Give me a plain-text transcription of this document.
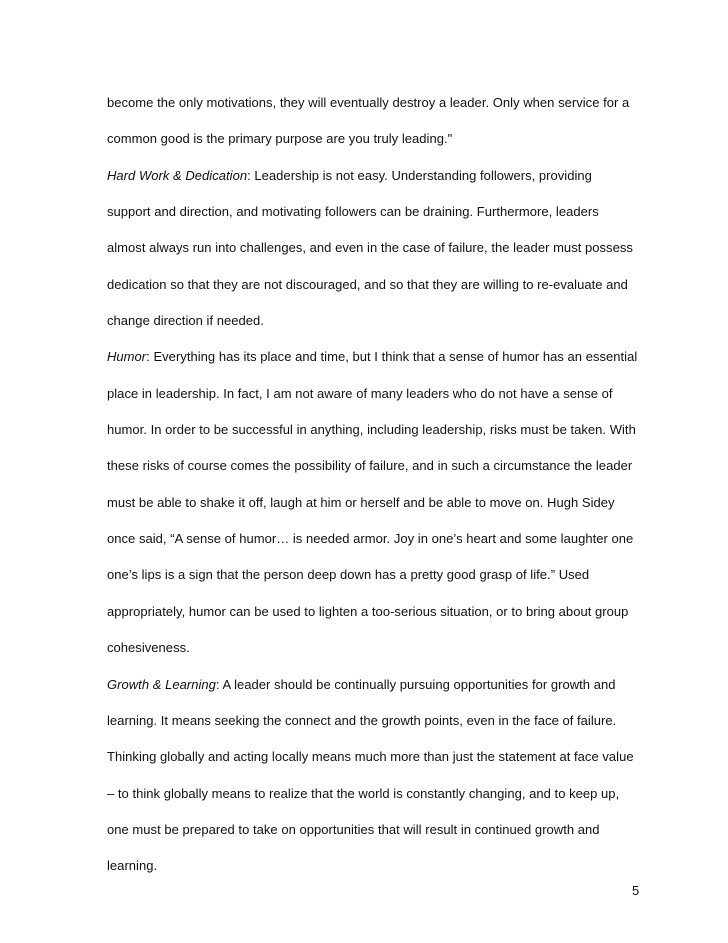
become the only motivations, they will eventually destroy a leader. Only when service for a
common good is the primary purpose are you truly leading."
Hard Work & Dedication: Leadership is not easy. Understanding followers, providing
support and direction, and motivating followers can be draining. Furthermore, leaders
almost always run into challenges, and even in the case of failure, the leader must possess
dedication so that they are not discouraged, and so that they are willing to re-evaluate and
change direction if needed.
Humor: Everything has its place and time, but I think that a sense of humor has an essential
place in leadership. In fact, I am not aware of many leaders who do not have a sense of
humor. In order to be successful in anything, including leadership, risks must be taken. With
these risks of course comes the possibility of failure, and in such a circumstance the leader
must be able to shake it off, laugh at him or herself and be able to move on. Hugh Sidey
once said, “A sense of humor… is needed armor. Joy in one’s heart and some laughter one
one’s lips is a sign that the person deep down has a pretty good grasp of life.” Used
appropriately, humor can be used to lighten a too-serious situation, or to bring about group
cohesiveness.
Growth & Learning: A leader should be continually pursuing opportunities for growth and
learning. It means seeking the connect and the growth points, even in the face of failure.
Thinking globally and acting locally means much more than just the statement at face value
– to think globally means to realize that the world is constantly changing, and to keep up,
one must be prepared to take on opportunities that will result in continued growth and
learning.
5
